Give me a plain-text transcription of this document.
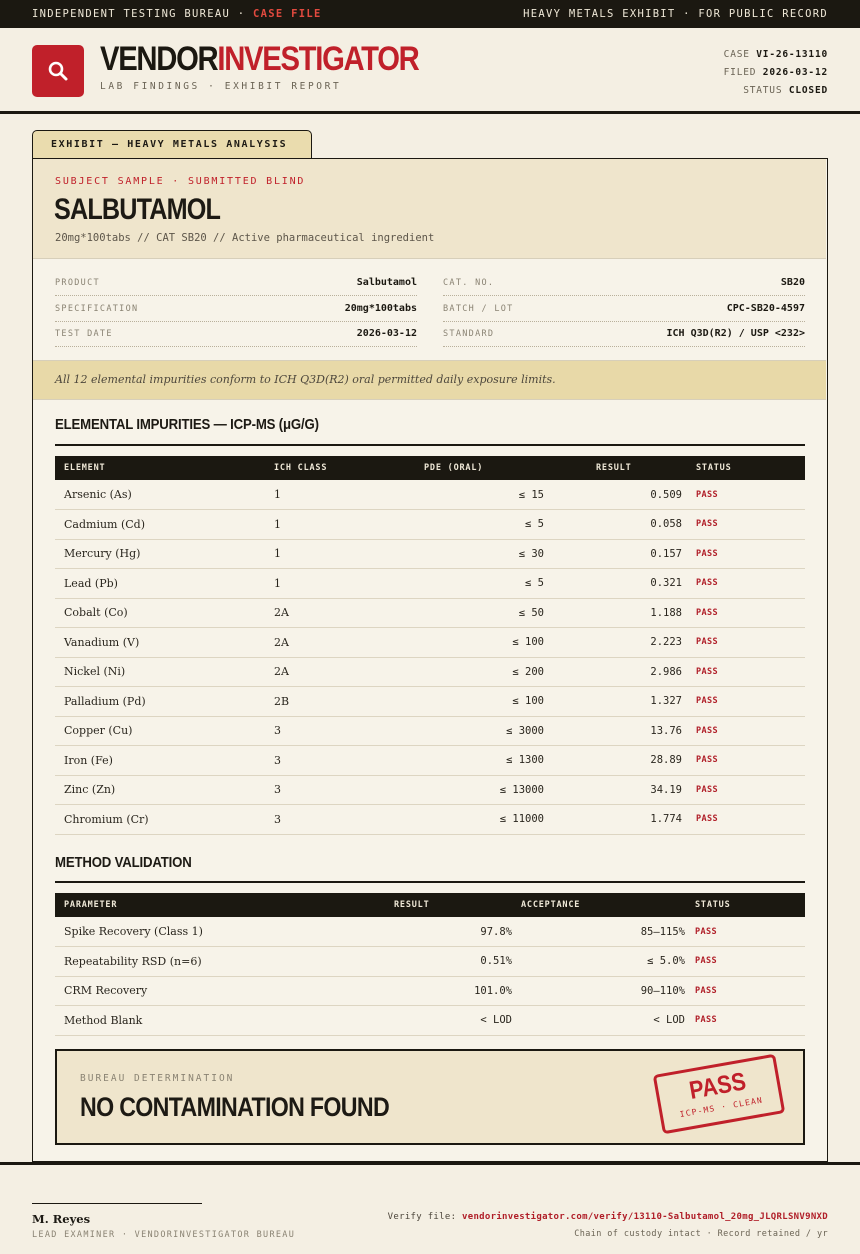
INDEPENDENT TESTING BUREAU · CASE FILE	HEAVY METALS EXHIBIT · FOR PUBLIC RECORD
VENDORINVESTIGATOR
LAB FINDINGS · EXHIBIT REPORT
CASE VI-26-13110
FILED 2026-03-12
STATUS CLOSED
EXHIBIT — HEAVY METALS ANALYSIS
SUBJECT SAMPLE · SUBMITTED BLIND
SALBUTAMOL
20mg*100tabs // CAT SB20 // Active pharmaceutical ingredient
PRODUCT	Salbutamol
SPECIFICATION	20mg*100tabs
TEST DATE	2026-03-12
CAT. NO.	SB20
BATCH / LOT	CPC-SB20-4597
STANDARD	ICH Q3D(R2) / USP <232>
All 12 elemental impurities conform to ICH Q3D(R2) oral permitted daily exposure limits.
ELEMENTAL IMPURITIES — ICP-MS (μG/G)
ELEMENT	ICH CLASS	PDE (ORAL)	RESULT	STATUS
Arsenic (As)	1	≤ 15	0.509	PASS
Cadmium (Cd)	1	≤ 5	0.058	PASS
Mercury (Hg)	1	≤ 30	0.157	PASS
Lead (Pb)	1	≤ 5	0.321	PASS
Cobalt (Co)	2A	≤ 50	1.188	PASS
Vanadium (V)	2A	≤ 100	2.223	PASS
Nickel (Ni)	2A	≤ 200	2.986	PASS
Palladium (Pd)	2B	≤ 100	1.327	PASS
Copper (Cu)	3	≤ 3000	13.76	PASS
Iron (Fe)	3	≤ 1300	28.89	PASS
Zinc (Zn)	3	≤ 13000	34.19	PASS
Chromium (Cr)	3	≤ 11000	1.774	PASS
METHOD VALIDATION
PARAMETER	RESULT	ACCEPTANCE	STATUS
Spike Recovery (Class 1)	97.8%	85–115%	PASS
Repeatability RSD (n=6)	0.51%	≤ 5.0%	PASS
CRM Recovery	101.0%	90–110%	PASS
Method Blank	< LOD	< LOD	PASS
BUREAU DETERMINATION
NO CONTAMINATION FOUND
PASS
ICP-MS · CLEAN
M. Reyes
LEAD EXAMINER · VENDORINVESTIGATOR BUREAU
Verify file: vendorinvestigator.com/verify/13110-Salbutamol_20mg_JLQRLSNV9NXD
Chain of custody intact · Record retained / yr
